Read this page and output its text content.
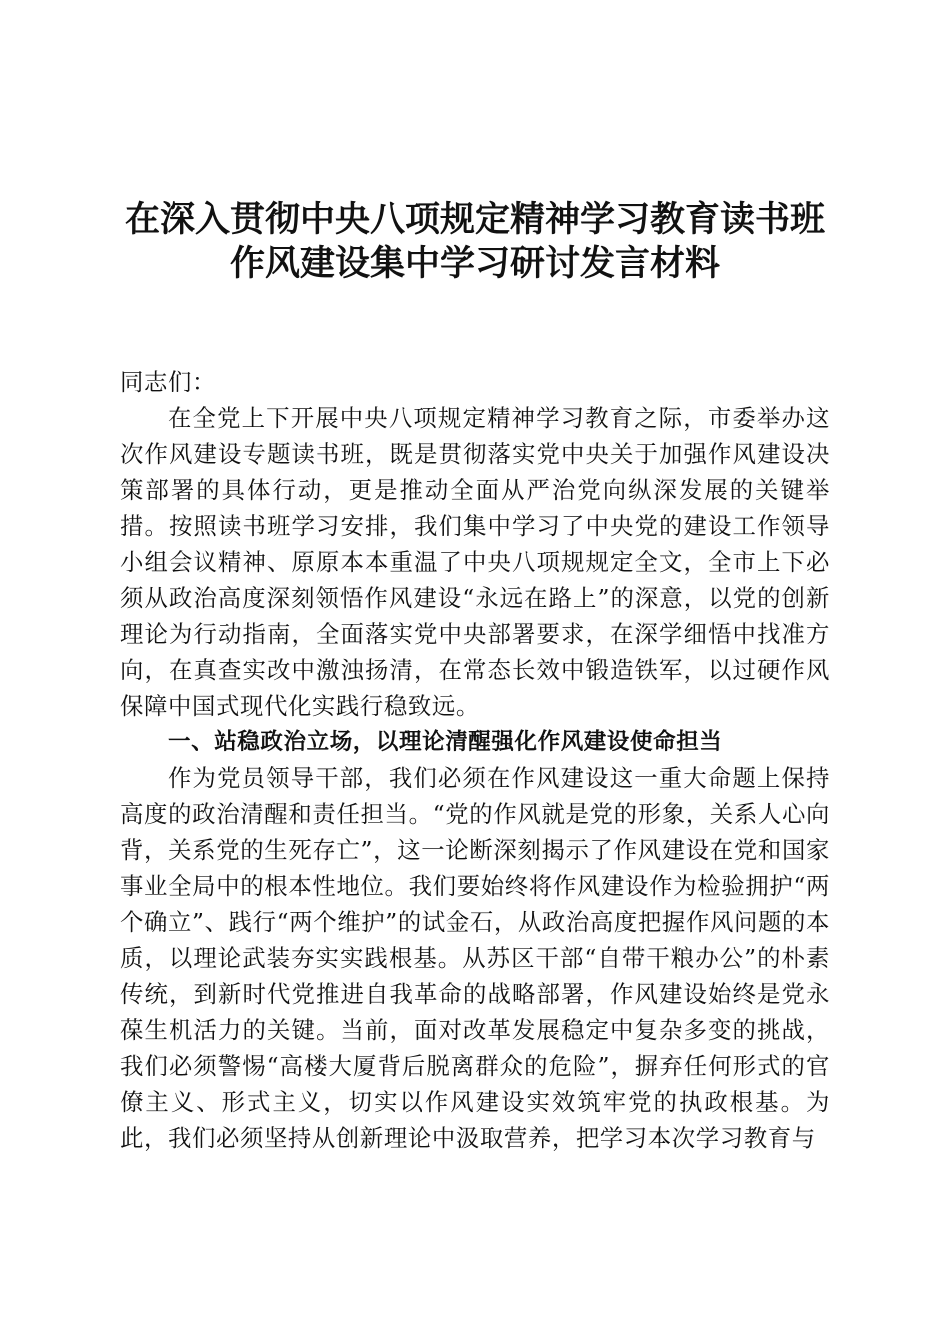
在深入贯彻中央八项规定精神学习教育读书班
作风建设集中学习研讨发言材料

同志们：

在全党上下开展中央八项规定精神学习教育之际，市委举办这次作风建设专题读书班，既是贯彻落实党中央关于加强作风建设决策部署的具体行动，更是推动全面从严治党向纵深发展的关键举措。按照读书班学习安排，我们集中学习了中央党的建设工作领导小组会议精神、原原本本重温了中央八项规规定全文，全市上下必须从政治高度深刻领悟作风建设“永远在路上”的深意，以党的创新理论为行动指南，全面落实党中央部署要求，在深学细悟中找准方向，在真查实改中激浊扬清，在常态长效中锻造铁军，以过硬作风保障中国式现代化实践行稳致远。

一、站稳政治立场，以理论清醒强化作风建设使命担当

作为党员领导干部，我们必须在作风建设这一重大命题上保持高度的政治清醒和责任担当。“党的作风就是党的形象，关系人心向背，关系党的生死存亡”，这一论断深刻揭示了作风建设在党和国家事业全局中的根本性地位。我们要始终将作风建设作为检验拥护“两个确立”、践行“两个维护”的试金石，从政治高度把握作风问题的本质，以理论武装夯实实践根基。从苏区干部“自带干粮办公”的朴素传统，到新时代党推进自我革命的战略部署，作风建设始终是党永葆生机活力的关键。当前，面对改革发展稳定中复杂多变的挑战，我们必须警惕“高楼大厦背后脱离群众的危险”，摒弃任何形式的官僚主义、形式主义，切实以作风建设实效筑牢党的执政根基。为此，我们必须坚持从创新理论中汲取营养，把学习本次学习教育与
